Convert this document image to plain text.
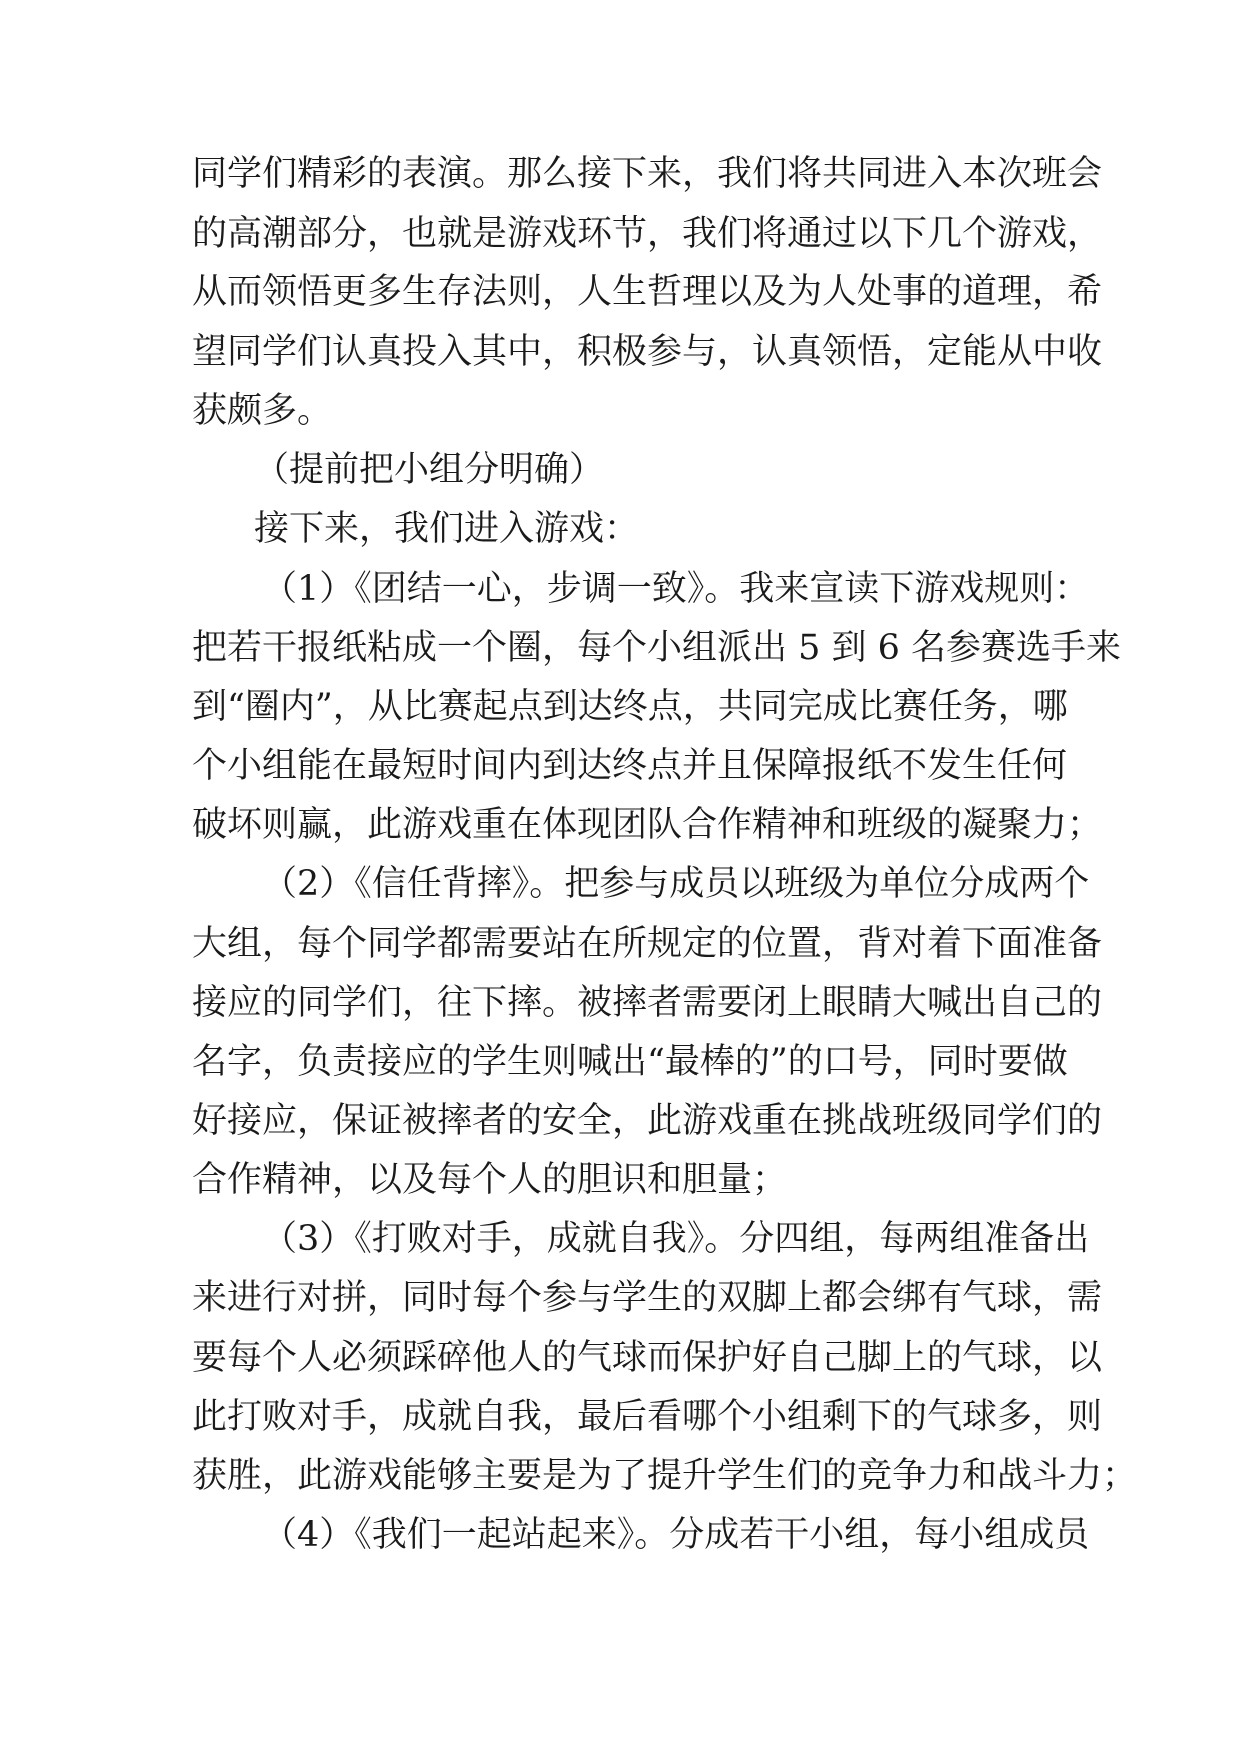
同学们精彩的表演。那么接下来，我们将共同进入本次班会
的高潮部分，也就是游戏环节，我们将通过以下几个游戏，
从而领悟更多生存法则，人生哲理以及为人处事的道理，希
望同学们认真投入其中，积极参与，认真领悟，定能从中收
获颇多。
（提前把小组分明确）
接下来，我们进入游戏：
（1）《团结一心，步调一致》。我来宣读下游戏规则：
把若干报纸粘成一个圈，每个小组派出 5 到 6 名参赛选手来
到“圈内”，从比赛起点到达终点，共同完成比赛任务，哪
个小组能在最短时间内到达终点并且保障报纸不发生任何
破坏则赢，此游戏重在体现团队合作精神和班级的凝聚力；
（2）《信任背摔》。把参与成员以班级为单位分成两个
大组，每个同学都需要站在所规定的位置，背对着下面准备
接应的同学们，往下摔。被摔者需要闭上眼睛大喊出自己的
名字，负责接应的学生则喊出“最棒的”的口号，同时要做
好接应，保证被摔者的安全，此游戏重在挑战班级同学们的
合作精神，以及每个人的胆识和胆量；
（3）《打败对手，成就自我》。分四组，每两组准备出
来进行对拼，同时每个参与学生的双脚上都会绑有气球，需
要每个人必须踩碎他人的气球而保护好自己脚上的气球，以
此打败对手，成就自我，最后看哪个小组剩下的气球多，则
获胜，此游戏能够主要是为了提升学生们的竞争力和战斗力；
（4）《我们一起站起来》。分成若干小组，每小组成员
